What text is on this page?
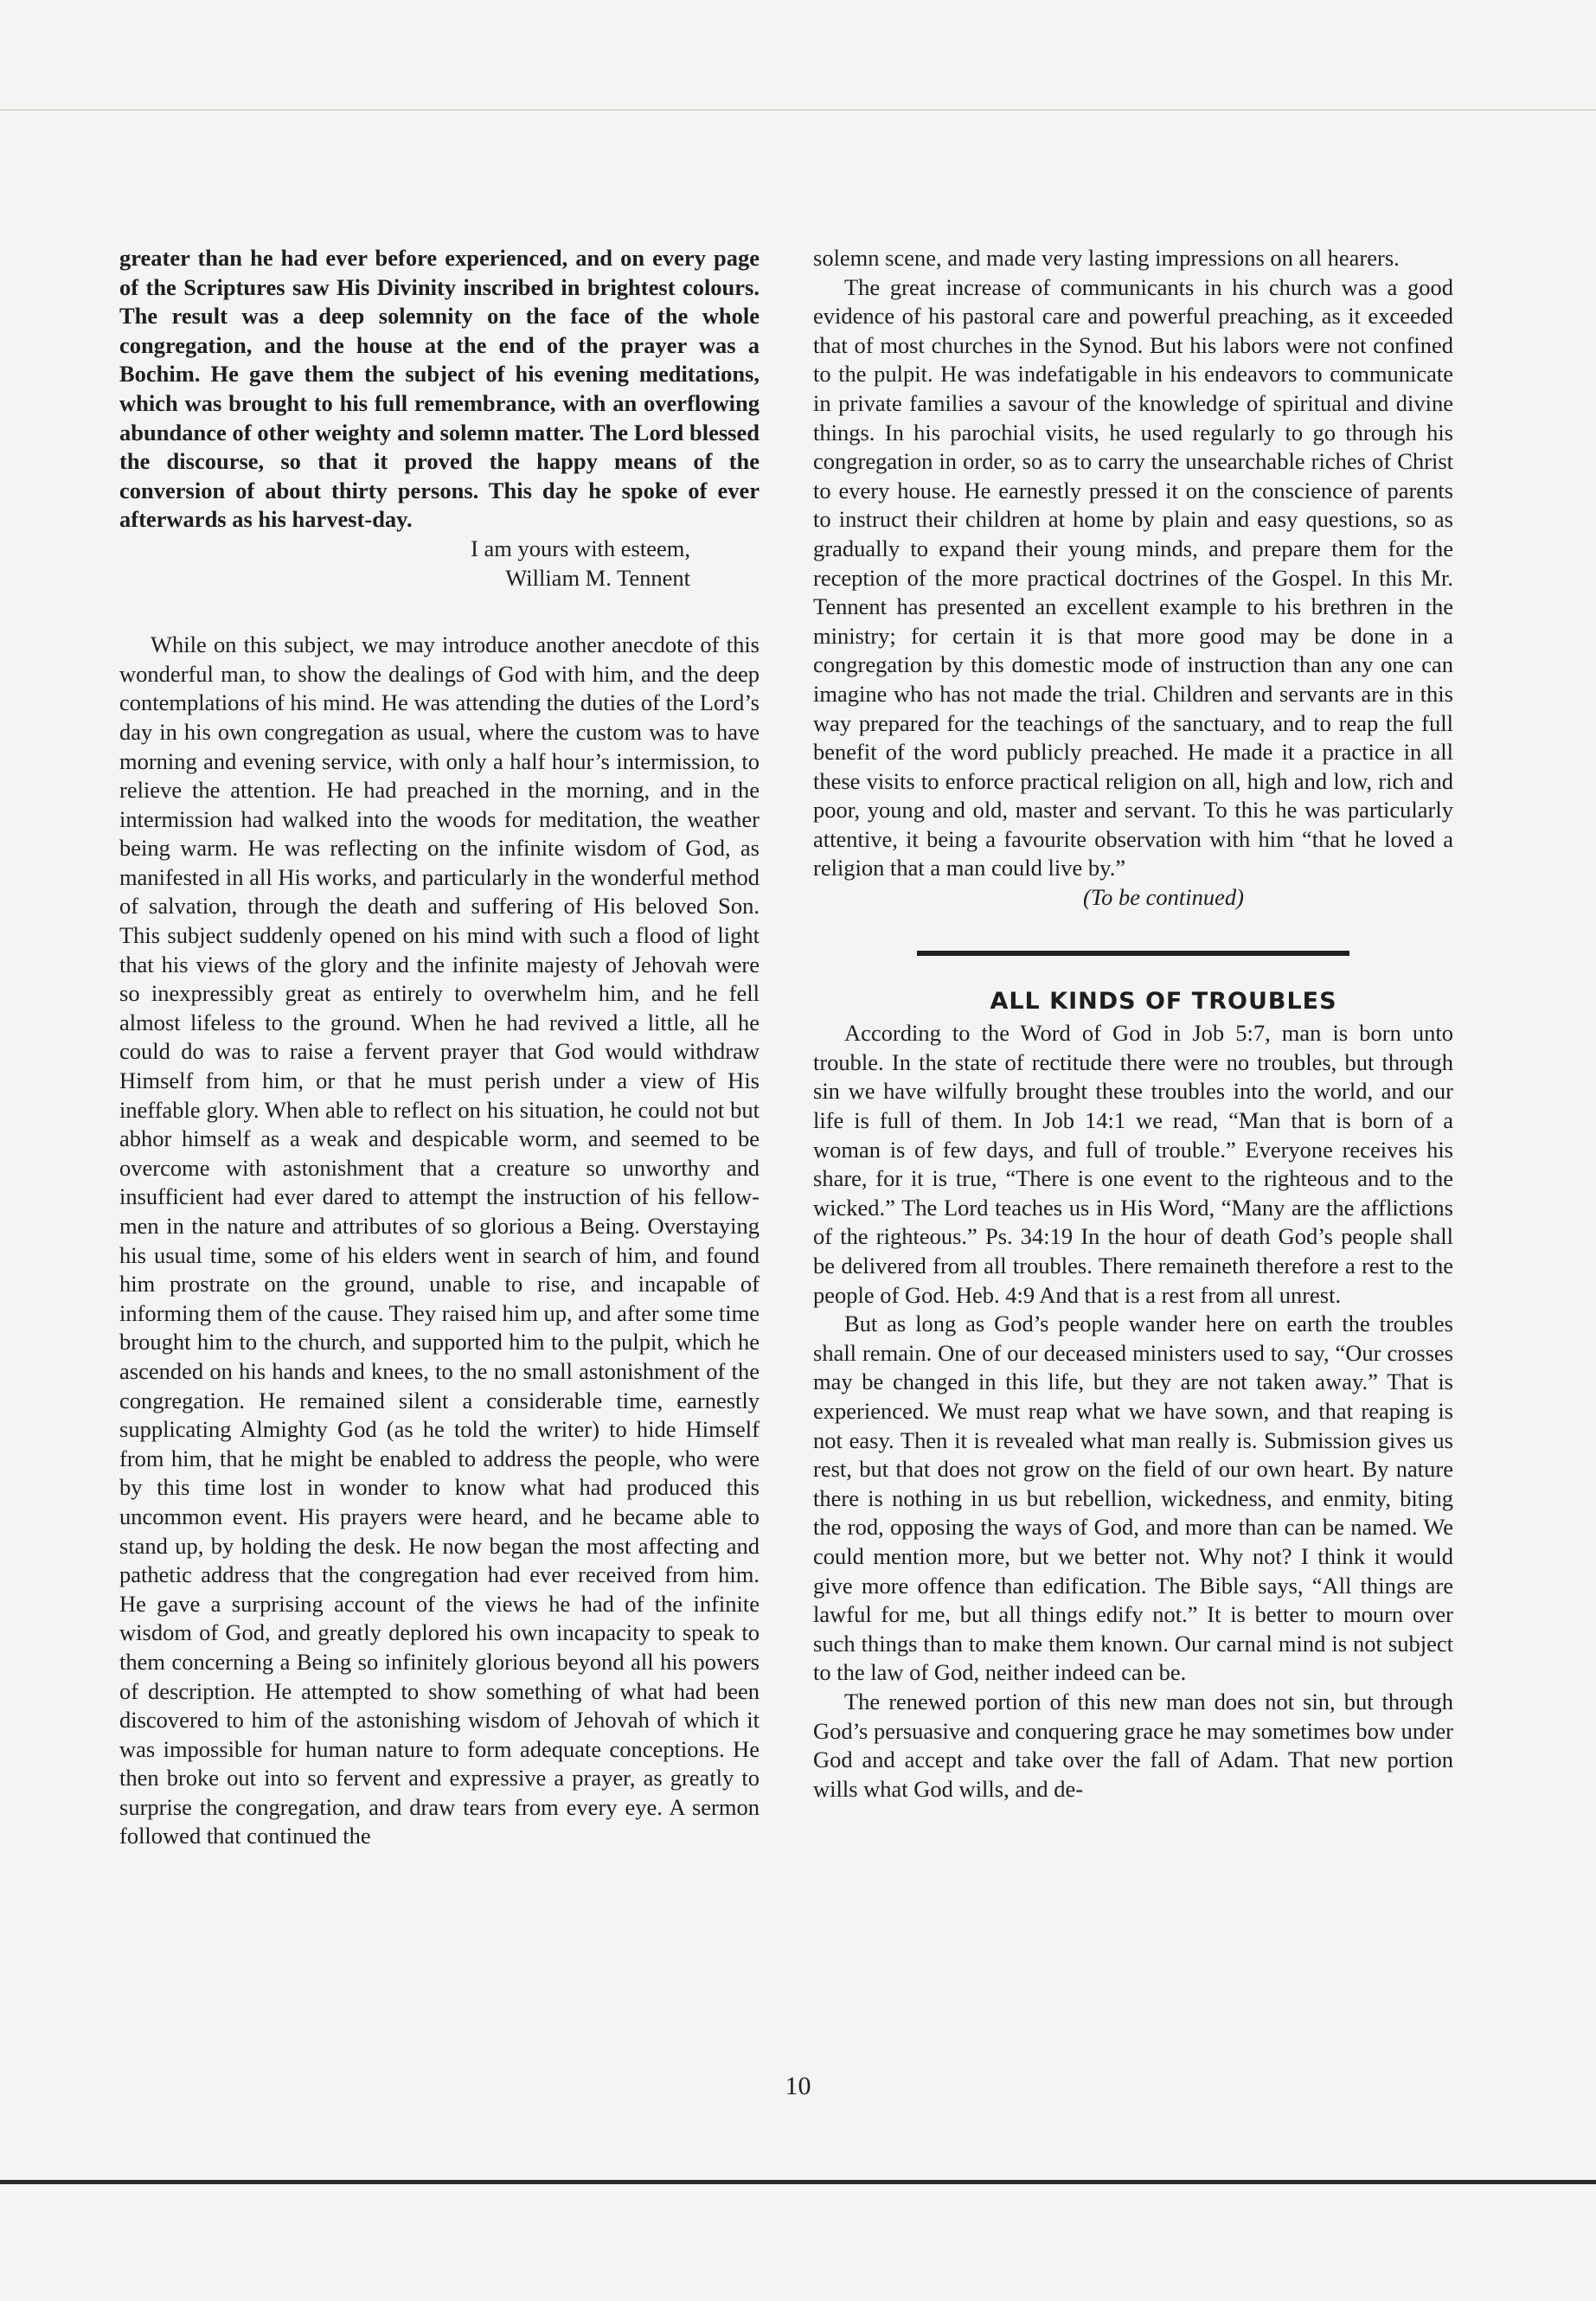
greater than he had ever before experienced, and on every page of the Scriptures saw His Divinity inscribed in brightest colours. The result was a deep solemnity on the face of the whole congregation, and the house at the end of the prayer was a Bochim. He gave them the subject of his evening meditations, which was brought to his full remembrance, with an overflowing abundance of other weighty and solemn matter. The Lord blessed the discourse, so that it proved the happy means of the conversion of about thirty persons. This day he spoke of ever afterwards as his harvest-day.

I am yours with esteem,

William M. Tennent

While on this subject, we may introduce another anecdote of this wonderful man, to show the dealings of God with him, and the deep contemplations of his mind. He was attending the duties of the Lord’s day in his own congregation as usual, where the custom was to have morning and evening service, with only a half hour’s intermission, to relieve the attention. He had preached in the morning, and in the intermission had walked into the woods for meditation, the weather being warm. He was reflecting on the infinite wisdom of God, as manifested in all His works, and particularly in the wonderful method of salvation, through the death and suffering of His beloved Son. This subject suddenly opened on his mind with such a flood of light that his views of the glory and the infinite majesty of Jehovah were so inexpressibly great as entirely to overwhelm him, and he fell almost lifeless to the ground. When he had revived a little, all he could do was to raise a fervent prayer that God would withdraw Himself from him, or that he must perish under a view of His ineffable glory. When able to reflect on his situation, he could not but abhor himself as a weak and despicable worm, and seemed to be overcome with astonishment that a creature so unworthy and insufficient had ever dared to attempt the instruction of his fellow-men in the nature and attributes of so glorious a Being. Overstaying his usual time, some of his elders went in search of him, and found him prostrate on the ground, unable to rise, and incapable of informing them of the cause. They raised him up, and after some time brought him to the church, and supported him to the pulpit, which he ascended on his hands and knees, to the no small astonishment of the congregation. He remained silent a considerable time, earnestly supplicating Almighty God (as he told the writer) to hide Himself from him, that he might be enabled to address the people, who were by this time lost in wonder to know what had produced this uncommon event. His prayers were heard, and he became able to stand up, by holding the desk. He now began the most affecting and pathetic address that the congregation had ever received from him. He gave a surprising account of the views he had of the infinite wisdom of God, and greatly deplored his own incapacity to speak to them concerning a Being so infinitely glorious beyond all his powers of description. He attempted to show something of what had been discovered to him of the astonishing wisdom of Jehovah of which it was impossible for human nature to form adequate conceptions. He then broke out into so fervent and expressive a prayer, as greatly to surprise the congregation, and draw tears from every eye. A sermon followed that continued the

solemn scene, and made very lasting impressions on all hearers.

The great increase of communicants in his church was a good evidence of his pastoral care and powerful preaching, as it exceeded that of most churches in the Synod. But his labors were not confined to the pulpit. He was indefatigable in his endeavors to communicate in private families a savour of the knowledge of spiritual and divine things. In his parochial visits, he used regularly to go through his congregation in order, so as to carry the unsearchable riches of Christ to every house. He earnestly pressed it on the conscience of parents to instruct their children at home by plain and easy questions, so as gradually to expand their young minds, and prepare them for the reception of the more practical doctrines of the Gospel. In this Mr. Tennent has presented an excellent example to his brethren in the ministry; for certain it is that more good may be done in a congregation by this domestic mode of instruction than any one can imagine who has not made the trial. Children and servants are in this way prepared for the teachings of the sanctuary, and to reap the full benefit of the word publicly preached. He made it a practice in all these visits to enforce practical religion on all, high and low, rich and poor, young and old, master and servant. To this he was particularly attentive, it being a favourite observation with him “that he loved a religion that a man could live by.”

(To be continued)

ALL KINDS OF TROUBLES

According to the Word of God in Job 5:7, man is born unto trouble. In the state of rectitude there were no troubles, but through sin we have wilfully brought these troubles into the world, and our life is full of them. In Job 14:1 we read, “Man that is born of a woman is of few days, and full of trouble.” Everyone receives his share, for it is true, “There is one event to the righteous and to the wicked.” The Lord teaches us in His Word, “Many are the afflictions of the righteous.” Ps. 34:19 In the hour of death God’s people shall be delivered from all troubles. There remaineth therefore a rest to the people of God. Heb. 4:9 And that is a rest from all unrest.

But as long as God’s people wander here on earth the troubles shall remain. One of our deceased ministers used to say, “Our crosses may be changed in this life, but they are not taken away.” That is experienced. We must reap what we have sown, and that reaping is not easy. Then it is revealed what man really is. Submission gives us rest, but that does not grow on the field of our own heart. By nature there is nothing in us but rebellion, wickedness, and enmity, biting the rod, opposing the ways of God, and more than can be named. We could mention more, but we better not. Why not? I think it would give more offence than edification. The Bible says, “All things are lawful for me, but all things edify not.” It is better to mourn over such things than to make them known. Our carnal mind is not subject to the law of God, neither indeed can be.

The renewed portion of this new man does not sin, but through God’s persuasive and conquering grace he may sometimes bow under God and accept and take over the fall of Adam. That new portion wills what God wills, and de-

10
